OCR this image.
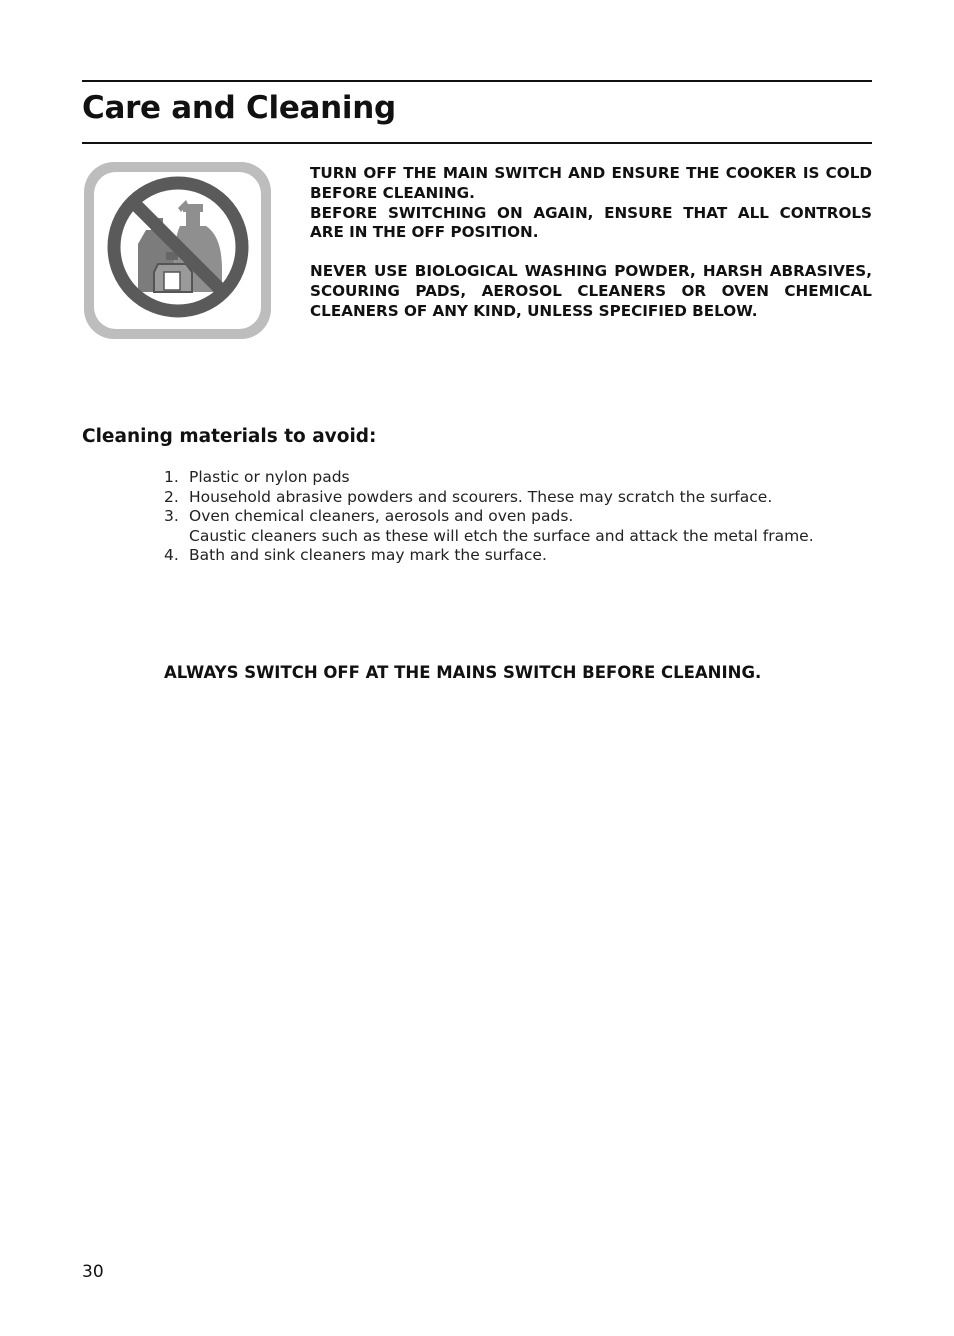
Care and Cleaning

TURN OFF THE MAIN SWITCH AND ENSURE THE COOKER IS COLD BEFORE CLEANING.

BEFORE SWITCHING ON AGAIN, ENSURE THAT ALL CONTROLS ARE IN THE OFF POSITION.

NEVER USE BIOLOGICAL WASHING POWDER, HARSH ABRASIVES, SCOURING PADS, AEROSOL CLEANERS OR OVEN CHEMICAL CLEANERS OF ANY KIND, UNLESS SPECIFIED BELOW.

Cleaning materials to avoid:
1. Plastic or nylon pads
2. Household abrasive powders and scourers. These may scratch the surface.
3. Oven chemical cleaners, aerosols and oven pads.
Caustic cleaners such as these will etch the surface and attack the metal frame.
4. Bath and sink cleaners may mark the surface.

ALWAYS SWITCH OFF AT THE MAINS SWITCH BEFORE CLEANING.

30
